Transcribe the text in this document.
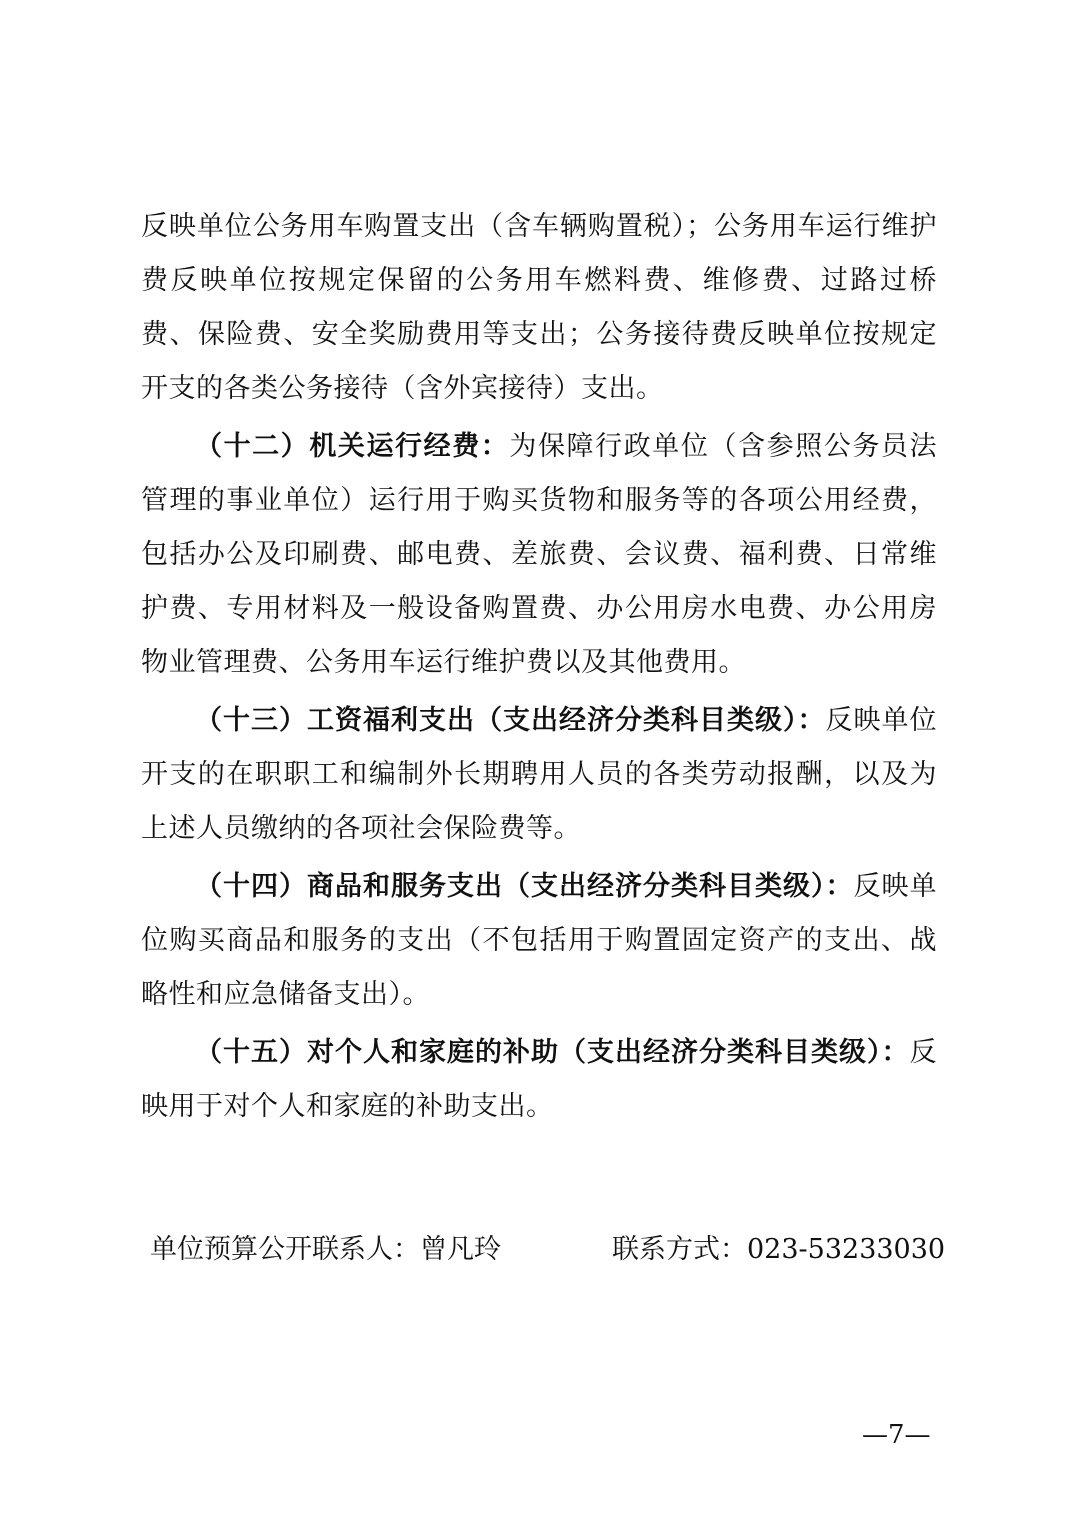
反映单位公务用车购置支出（含车辆购置税）；公务用车运行维护费反映单位按规定保留的公务用车燃料费、维修费、过路过桥费、保险费、安全奖励费用等支出；公务接待费反映单位按规定开支的各类公务接待（含外宾接待）支出。

（十二）机关运行经费：为保障行政单位（含参照公务员法管理的事业单位）运行用于购买货物和服务等的各项公用经费，包括办公及印刷费、邮电费、差旅费、会议费、福利费、日常维护费、专用材料及一般设备购置费、办公用房水电费、办公用房物业管理费、公务用车运行维护费以及其他费用。

（十三）工资福利支出（支出经济分类科目类级）：反映单位开支的在职职工和编制外长期聘用人员的各类劳动报酬，以及为上述人员缴纳的各项社会保险费等。

（十四）商品和服务支出（支出经济分类科目类级）：反映单位购买商品和服务的支出（不包括用于购置固定资产的支出、战略性和应急储备支出）。

（十五）对个人和家庭的补助（支出经济分类科目类级）：反映用于对个人和家庭的补助支出。

单位预算公开联系人：曾凡玲	联系方式：023-53233030
—7—
